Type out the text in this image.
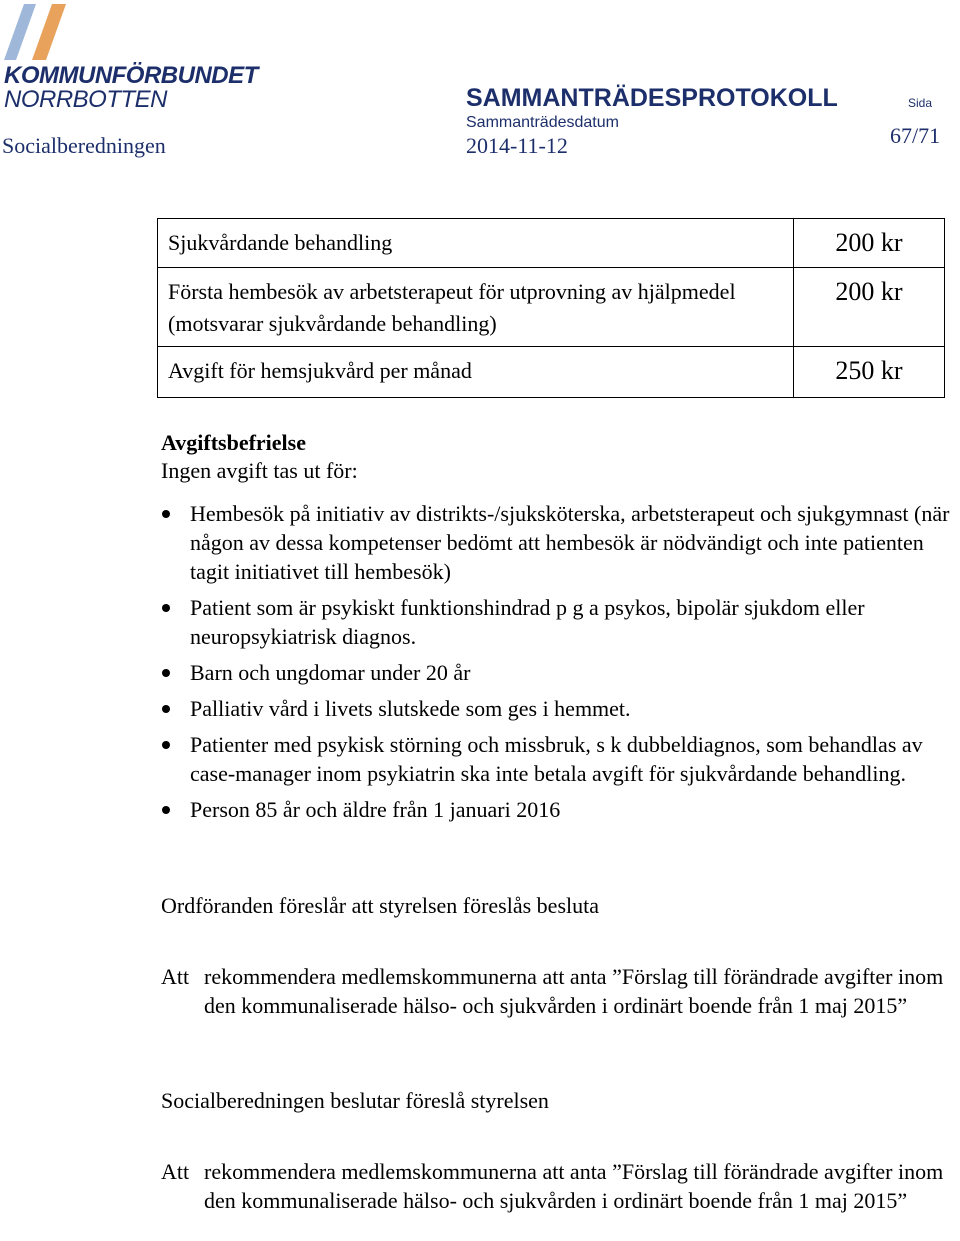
KOMMUNFÖRBUNDET
NORRBOTTEN	SAMMANTRÄDESPROTOKOLL
Sammanträdesdatum
Sida
Socialberedningen	2014-11-12	67/71
Sjukvårdande behandling	200 kr
Första hembesök av arbetsterapeut för utprovning av hjälpmedel (motsvarar sjukvårdande behandling)	200 kr
Avgift för hemsjukvård per månad	250 kr
Avgiftsbefrielse
Ingen avgift tas ut för:
Hembesök på initiativ av distrikts-/sjuksköterska, arbetsterapeut och sjukgymnast (när någon av dessa kompetenser bedömt att hembesök är nödvändigt och inte patienten tagit initiativet till hembesök)
Patient som är psykiskt funktionshindrad p g a psykos, bipolär sjukdom eller neuropsykiatrisk diagnos.
Barn och ungdomar under 20 år
Palliativ vård i livets slutskede som ges i hemmet.
Patienter med psykisk störning och missbruk, s k dubbeldiagnos, som behandlas av case-manager inom psykiatrin ska inte betala avgift för sjukvårdande behandling.
Person 85 år och äldre från 1 januari 2016
Ordföranden föreslår att styrelsen föreslås besluta
Att rekommendera medlemskommunerna att anta ”Förslag till förändrade avgifter inom den kommunaliserade hälso- och sjukvården i ordinärt boende från 1 maj 2015”
Socialberedningen beslutar föreslå styrelsen
Att rekommendera medlemskommunerna att anta ”Förslag till förändrade avgifter inom den kommunaliserade hälso- och sjukvården i ordinärt boende från 1 maj 2015”
